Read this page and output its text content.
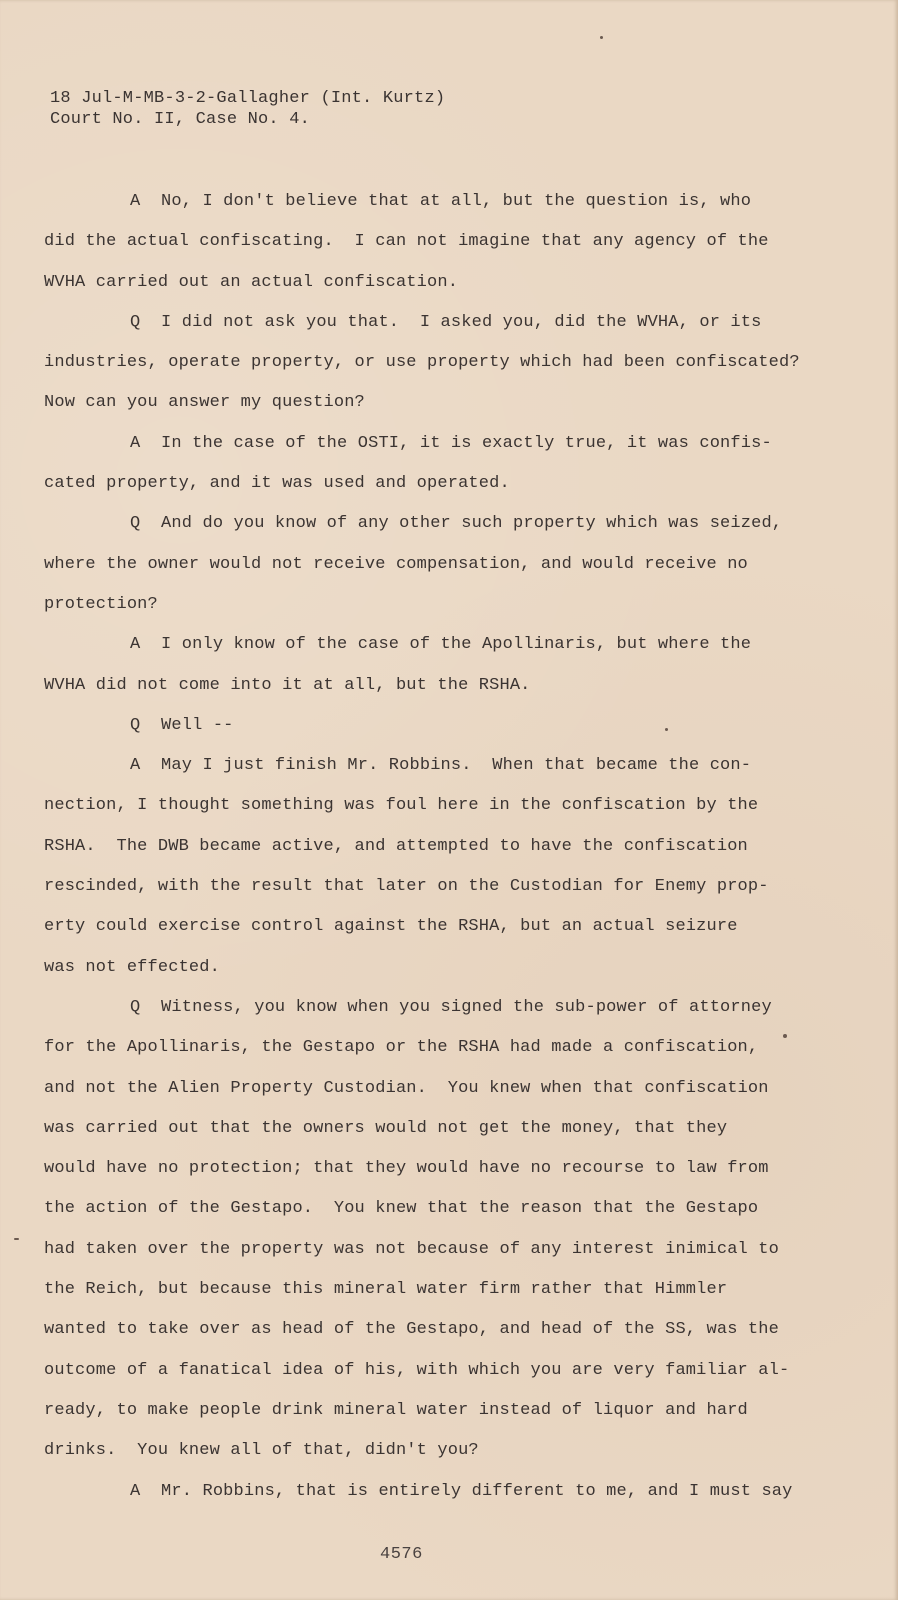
18 Jul-M-MB-3-2-Gallagher (Int. Kurtz)
Court No. II, Case No. 4.
A  No, I don't believe that at all, but the question is, who
did the actual confiscating.  I can not imagine that any agency of the
WVHA carried out an actual confiscation.
Q  I did not ask you that.  I asked you, did the WVHA, or its
industries, operate property, or use property which had been confiscated?
Now can you answer my question?
A  In the case of the OSTI, it is exactly true, it was confis-
cated property, and it was used and operated.
Q  And do you know of any other such property which was seized,
where the owner would not receive compensation, and would receive no
protection?
A  I only know of the case of the Apollinaris, but where the
WVHA did not come into it at all, but the RSHA.
Q  Well --
A  May I just finish Mr. Robbins.  When that became the con-
nection, I thought something was foul here in the confiscation by the
RSHA.  The DWB became active, and attempted to have the confiscation
rescinded, with the result that later on the Custodian for Enemy prop-
erty could exercise control against the RSHA, but an actual seizure
was not effected.
Q  Witness, you know when you signed the sub-power of attorney
for the Apollinaris, the Gestapo or the RSHA had made a confiscation,
and not the Alien Property Custodian.  You knew when that confiscation
was carried out that the owners would not get the money, that they
would have no protection; that they would have no recourse to law from
the action of the Gestapo.  You knew that the reason that the Gestapo
had taken over the property was not because of any interest inimical to
the Reich, but because this mineral water firm rather that Himmler
wanted to take over as head of the Gestapo, and head of the SS, was the
outcome of a fanatical idea of his, with which you are very familiar al-
ready, to make people drink mineral water instead of liquor and hard
drinks.  You knew all of that, didn't you?
A  Mr. Robbins, that is entirely different to me, and I must say
4576
